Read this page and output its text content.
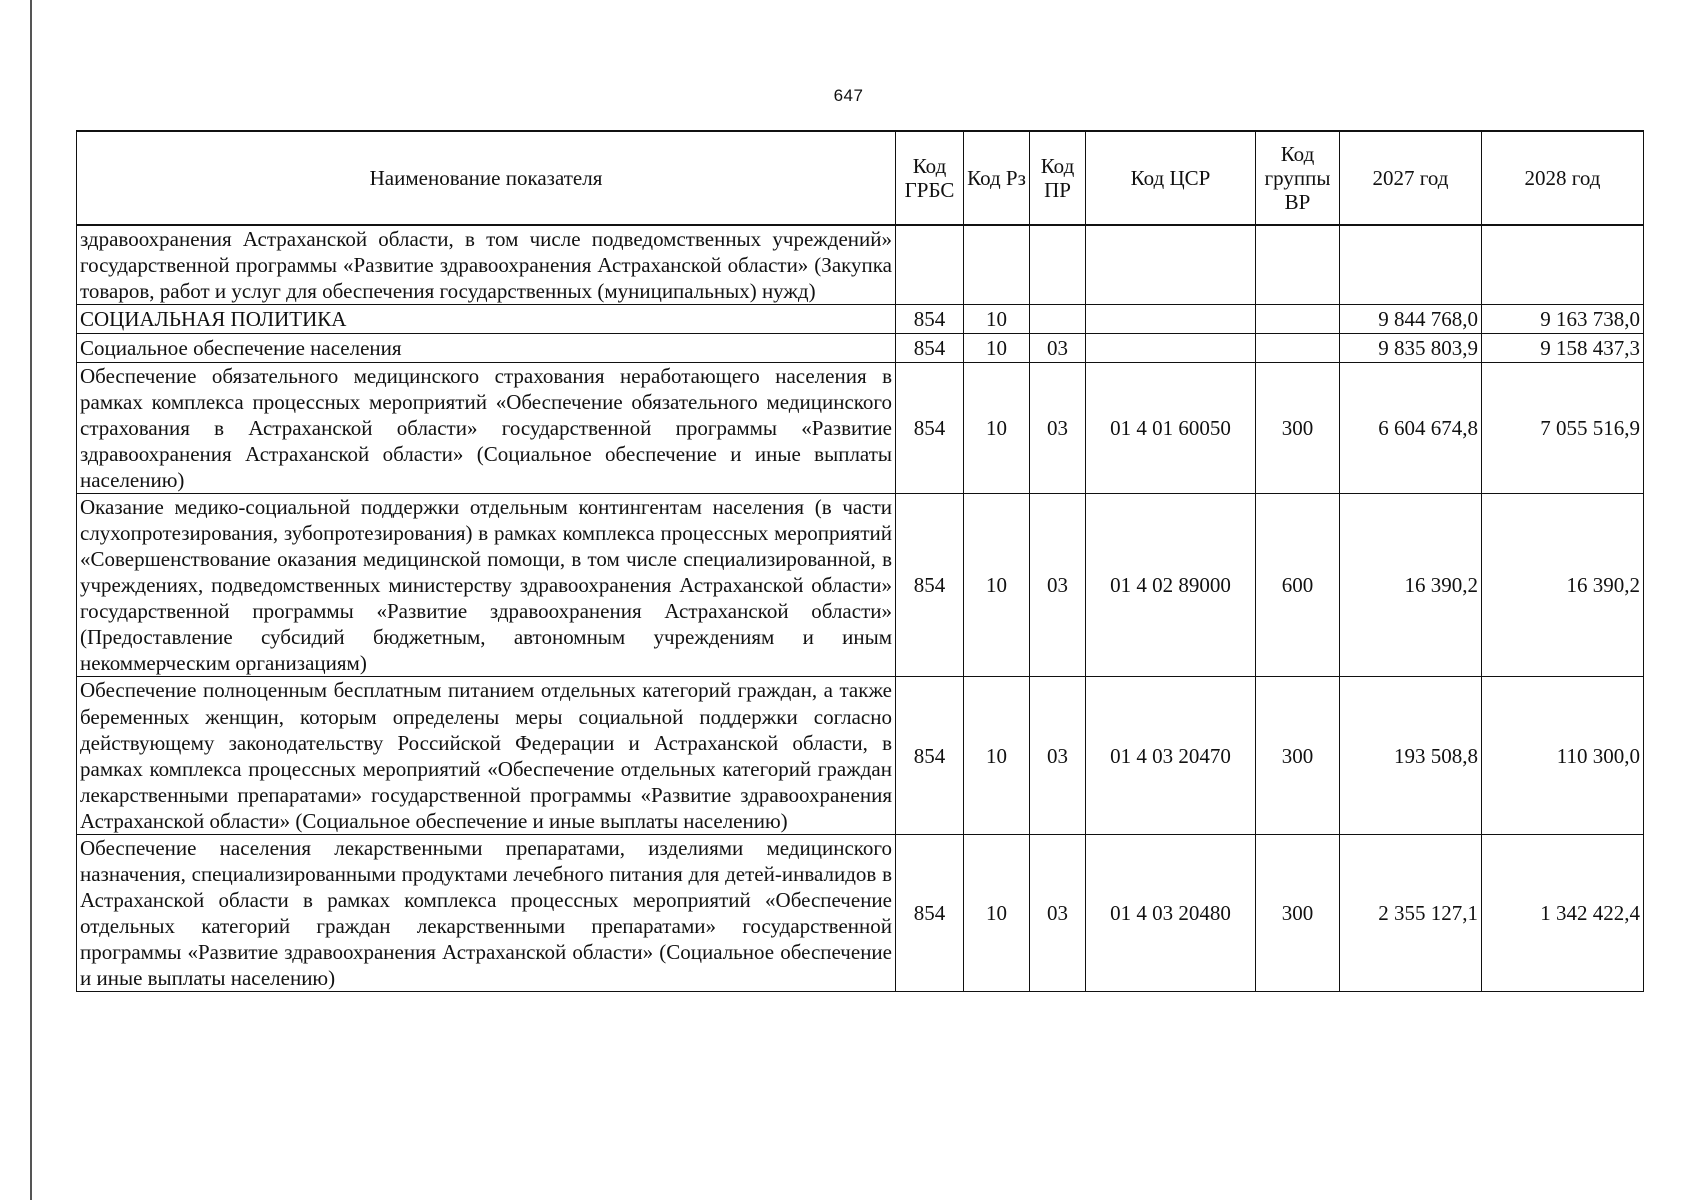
647
Наименование показателя	Код ГРБС	Код Рз	Код ПР	Код ЦСР	Код группы ВР	2027 год	2028 год
здравоохранения Астраханской области, в том числе подведомственных учреждений» государственной программы «Развитие здравоохранения Астраханской области» (Закупка товаров, работ и услуг для обеспечения государственных (муниципальных) нужд)							
СОЦИАЛЬНАЯ ПОЛИТИКА	854	10				9 844 768,0	9 163 738,0
Социальное обеспечение населения	854	10	03			9 835 803,9	9 158 437,3
Обеспечение обязательного медицинского страхования неработающего населения в рамках комплекса процессных мероприятий «Обеспечение обязательного медицинского страхования в Астраханской области» государственной программы «Развитие здравоохранения Астраханской области» (Социальное обеспечение и иные выплаты населению)	854	10	03	01 4 01 60050	300	6 604 674,8	7 055 516,9
Оказание медико-социальной поддержки отдельным контингентам населения (в части слухопротезирования, зубопротезирования) в рамках комплекса процессных мероприятий «Совершенствование оказания медицинской помощи, в том числе специализированной, в учреждениях, подведомственных министерству здравоохранения Астраханской области» государственной программы «Развитие здравоохранения Астраханской области» (Предоставление субсидий бюджетным, автономным учреждениям и иным некоммерческим организациям)	854	10	03	01 4 02 89000	600	16 390,2	16 390,2
Обеспечение полноценным бесплатным питанием отдельных категорий граждан, а также беременных женщин, которым определены меры социальной поддержки согласно действующему законодательству Российской Федерации и Астраханской области, в рамках комплекса процессных мероприятий «Обеспечение отдельных категорий граждан лекарственными препаратами» государственной программы «Развитие здравоохранения Астраханской области» (Социальное обеспечение и иные выплаты населению)	854	10	03	01 4 03 20470	300	193 508,8	110 300,0
Обеспечение населения лекарственными препаратами, изделиями медицинского назначения, специализированными продуктами лечебного питания для детей-инвалидов в Астраханской области в рамках комплекса процессных мероприятий «Обеспечение отдельных категорий граждан лекарственными препаратами» государственной программы «Развитие здравоохранения Астраханской области» (Социальное обеспечение и иные выплаты населению)	854	10	03	01 4 03 20480	300	2 355 127,1	1 342 422,4
